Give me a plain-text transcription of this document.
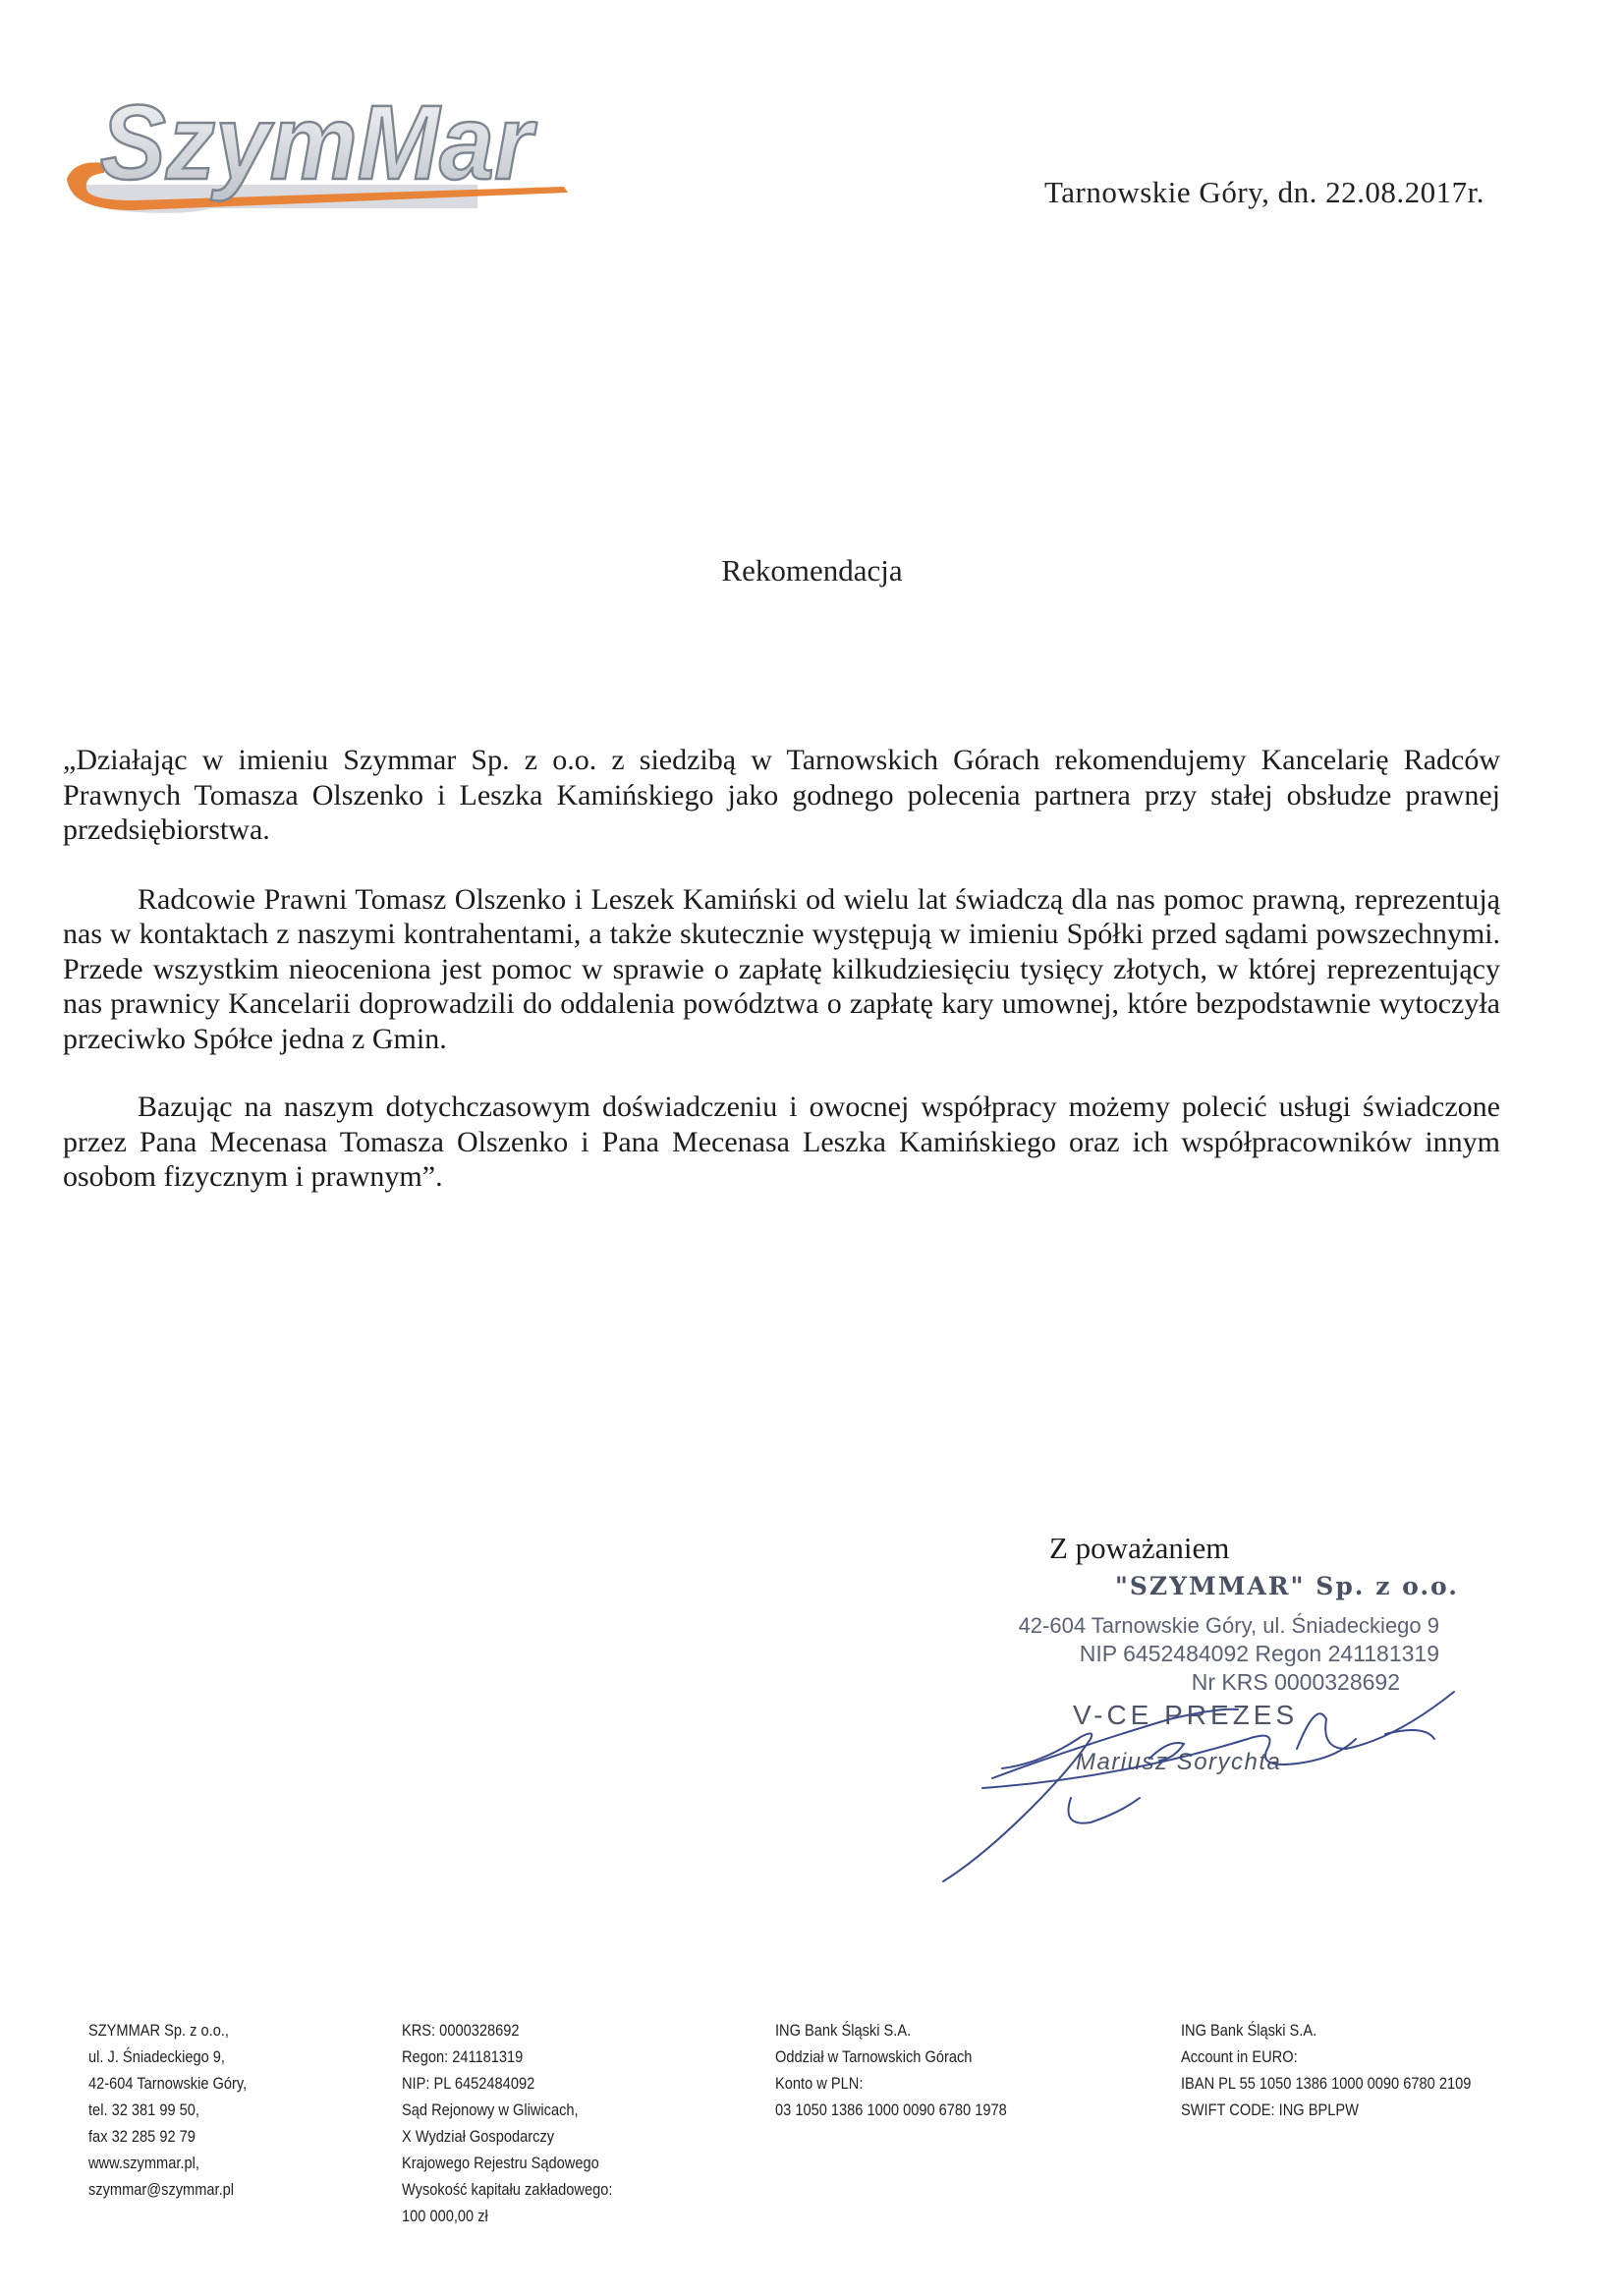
SzymMar	Tarnowskie Góry, dn. 22.08.2017r.
Rekomendacja

„Działając w imieniu Szymmar Sp. z o.o. z siedzibą w Tarnowskich Górach rekomendujemy Kancelarię Radców Prawnych Tomasza Olszenko i Leszka Kamińskiego jako godnego polecenia partnera przy stałej obsłudze prawnej przedsiębiorstwa.

Radcowie Prawni Tomasz Olszenko i Leszek Kamiński od wielu lat świadczą dla nas pomoc prawną, reprezentują nas w kontaktach z naszymi kontrahentami, a także skutecznie występują w imieniu Spółki przed sądami powszechnymi. Przede wszystkim nieoceniona jest pomoc w sprawie o zapłatę kilkudziesięciu tysięcy złotych, w której reprezentujący nas prawnicy Kancelarii doprowadzili do oddalenia powództwa o zapłatę kary umownej, które bezpodstawnie wytoczyła przeciwko Spółce jedna z Gmin.

Bazując na naszym dotychczasowym doświadczeniu i owocnej współpracy możemy polecić usługi świadczone przez Pana Mecenasa Tomasza Olszenko i Pana Mecenasa Leszka Kamińskiego oraz ich współpracowników innym osobom fizycznym i prawnym”.

Z poważaniem
"SZYMMAR" Sp. z o.o.
42-604 Tarnowskie Góry, ul. Śniadeckiego 9
NIP 6452484092 Regon 241181319
Nr KRS 0000328692
V-CE PREZES
Mariusz Sorychta
SZYMMAR Sp. z o.o.,
ul. J. Śniadeckiego 9,
42-604 Tarnowskie Góry,
tel. 32 381 99 50,
fax 32 285 92 79
www.szymmar.pl,
szymmar@szymmar.pl
KRS: 0000328692
Regon: 241181319
NIP: PL 6452484092
Sąd Rejonowy w Gliwicach,
X Wydział Gospodarczy
Krajowego Rejestru Sądowego
Wysokość kapitału zakładowego:
100 000,00 zł
ING Bank Śląski S.A.
Oddział w Tarnowskich Górach
Konto w PLN:
03 1050 1386 1000 0090 6780 1978
ING Bank Śląski S.A.
Account in EURO:
IBAN PL 55 1050 1386 1000 0090 6780 2109
SWIFT CODE: ING BPLPW
